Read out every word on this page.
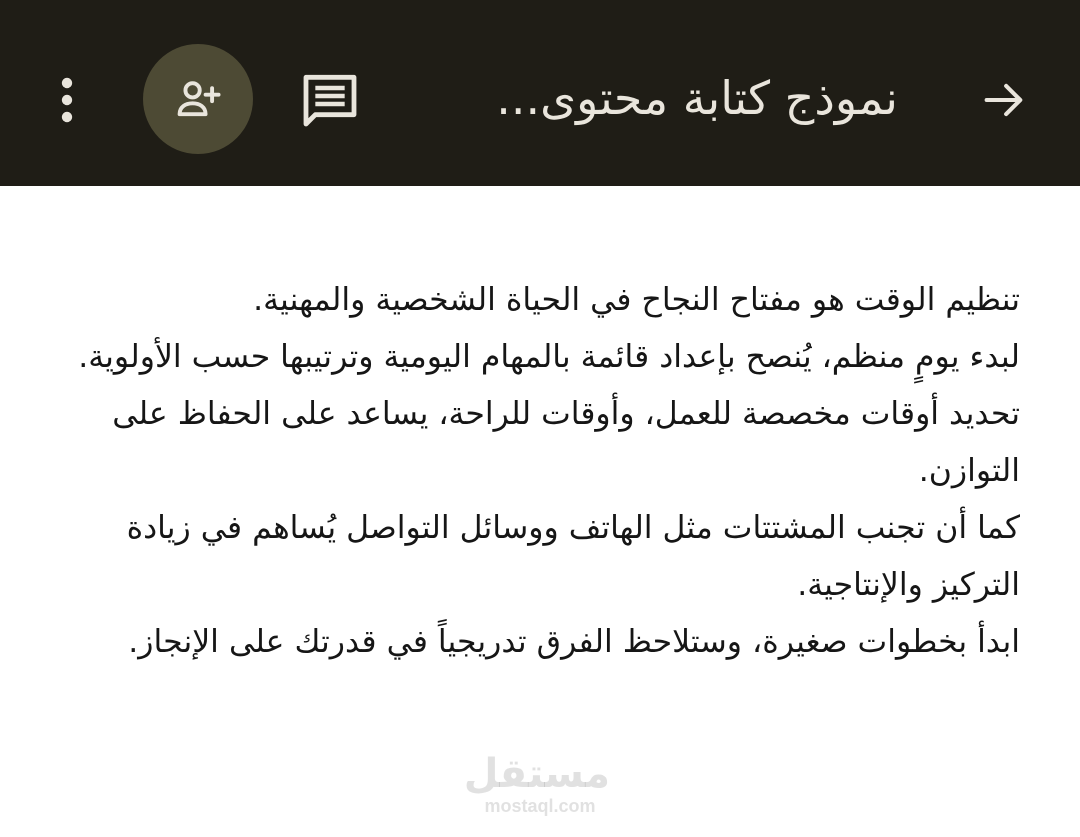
نموذج كتابة محتوى...

تنظيم الوقت هو مفتاح النجاح في الحياة الشخصية والمهنية.

لبدء يومٍ منظم، يُنصح بإعداد قائمة بالمهام اليومية وترتيبها حسب الأولوية.

تحديد أوقات مخصصة للعمل، وأوقات للراحة، يساعد على الحفاظ على التوازن.

كما أن تجنب المشتتات مثل الهاتف ووسائل التواصل يُساهم في زيادة التركيز والإنتاجية.

ابدأ بخطوات صغيرة، وستلاحظ الفرق تدريجياً في قدرتك على الإنجاز.

مستقل
mostaql.com
